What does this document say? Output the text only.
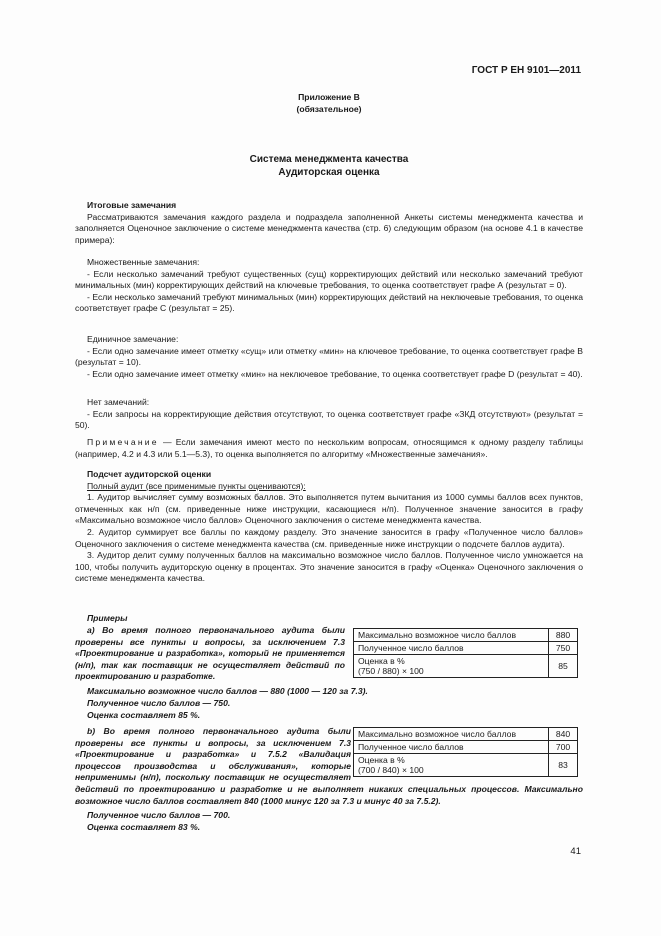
ГОСТ Р ЕН 9101—2011
Приложение В
(обязательное)
Система менеджмента качества
Аудиторская оценка

Итоговые замечания

Рассматриваются замечания каждого раздела и подраздела заполненной Анкеты системы менеджмента качества и заполняется Оценочное заключение о системе менеджмента качества (стр. 6) следующим образом (на основе 4.1 в качестве примера):

Множественные замечания:

- Если несколько замечаний требуют существенных (сущ) корректирующих действий или несколько замечаний требуют минимальных (мин) корректирующих действий на ключевые требования, то оценка соответствует графе А (результат = 0).

- Если несколько замечаний требуют минимальных (мин) корректирующих действий на неключевые требования, то оценка соответствует графе С (результат = 25).

Единичное замечание:

- Если одно замечание имеет отметку «сущ» или отметку «мин» на ключевое требование, то оценка соответствует графе В (результат = 10).

- Если одно замечание имеет отметку «мин» на неключевое требование, то оценка соответствует графе D (результат = 40).

Нет замечаний:

- Если запросы на корректирующие действия отсутствуют, то оценка соответствует графе «ЗКД отсутствуют» (результат = 50).

Примечание — Если замечания имеют место по нескольким вопросам, относящимся к одному разделу таблицы (например, 4.2 и 4.3 или 5.1—5.3), то оценка выполняется по алгоритму «Множественные замечания».

Подсчет аудиторской оценки

Полный аудит (все применимые пункты оцениваются):

1. Аудитор вычисляет сумму возможных баллов. Это выполняется путем вычитания из 1000 суммы баллов всех пунктов, отмеченных как н/п (см. приведенные ниже инструкции, касающиеся н/п). Полученное значение заносится в графу «Максимально возможное число баллов» Оценочного заключения о системе менеджмента качества.

2. Аудитор суммирует все баллы по каждому разделу. Это значение заносится в графу «Полученное число баллов» Оценочного заключения о системе менеджмента качества (см. приведенные ниже инструкции о подсчете баллов аудита).

3. Аудитор делит сумму полученных баллов на максимально возможное число баллов. Полученное число умножается на 100, чтобы получить аудиторскую оценку в процентах. Это значение заносится в графу «Оценка» Оценочного заключения о системе менеджмента качества.

Примеры
а) Во время полного первоначального аудита были проверены все пункты и вопросы, за исключением 7.3 «Проектирование и разработка», который не применяется (н/п), так как поставщик не осуществляет действий по проектированию и разработке.
Максимально возможное число баллов	880
Полученное число баллов	750

Оценка в %
(750 / 880) × 100	85
Максимально возможное число баллов — 880 (1000 — 120 за 7.3).
Полученное число баллов — 750.
Оценка составляет 85 %.
b) Во время полного первоначального аудита были проверены все пункты и вопросы, за исключением 7.3 «Проектирование и разработка» и 7.5.2 «Валидация процессов производства и обслуживания», которые неприменимы (н/п), поскольку поставщик не осуществляет действий по проектированию и разработке и не выполняет никаких специальных процессов. Максимально возможное число баллов составляет 840 (1000 минус 120 за 7.3 и минус 40 за 7.5.2).
Максимально возможное число баллов	840
Полученное число баллов	700

Оценка в %
(700 / 840) × 100	83
Полученное число баллов — 700.
Оценка составляет 83 %.
41
